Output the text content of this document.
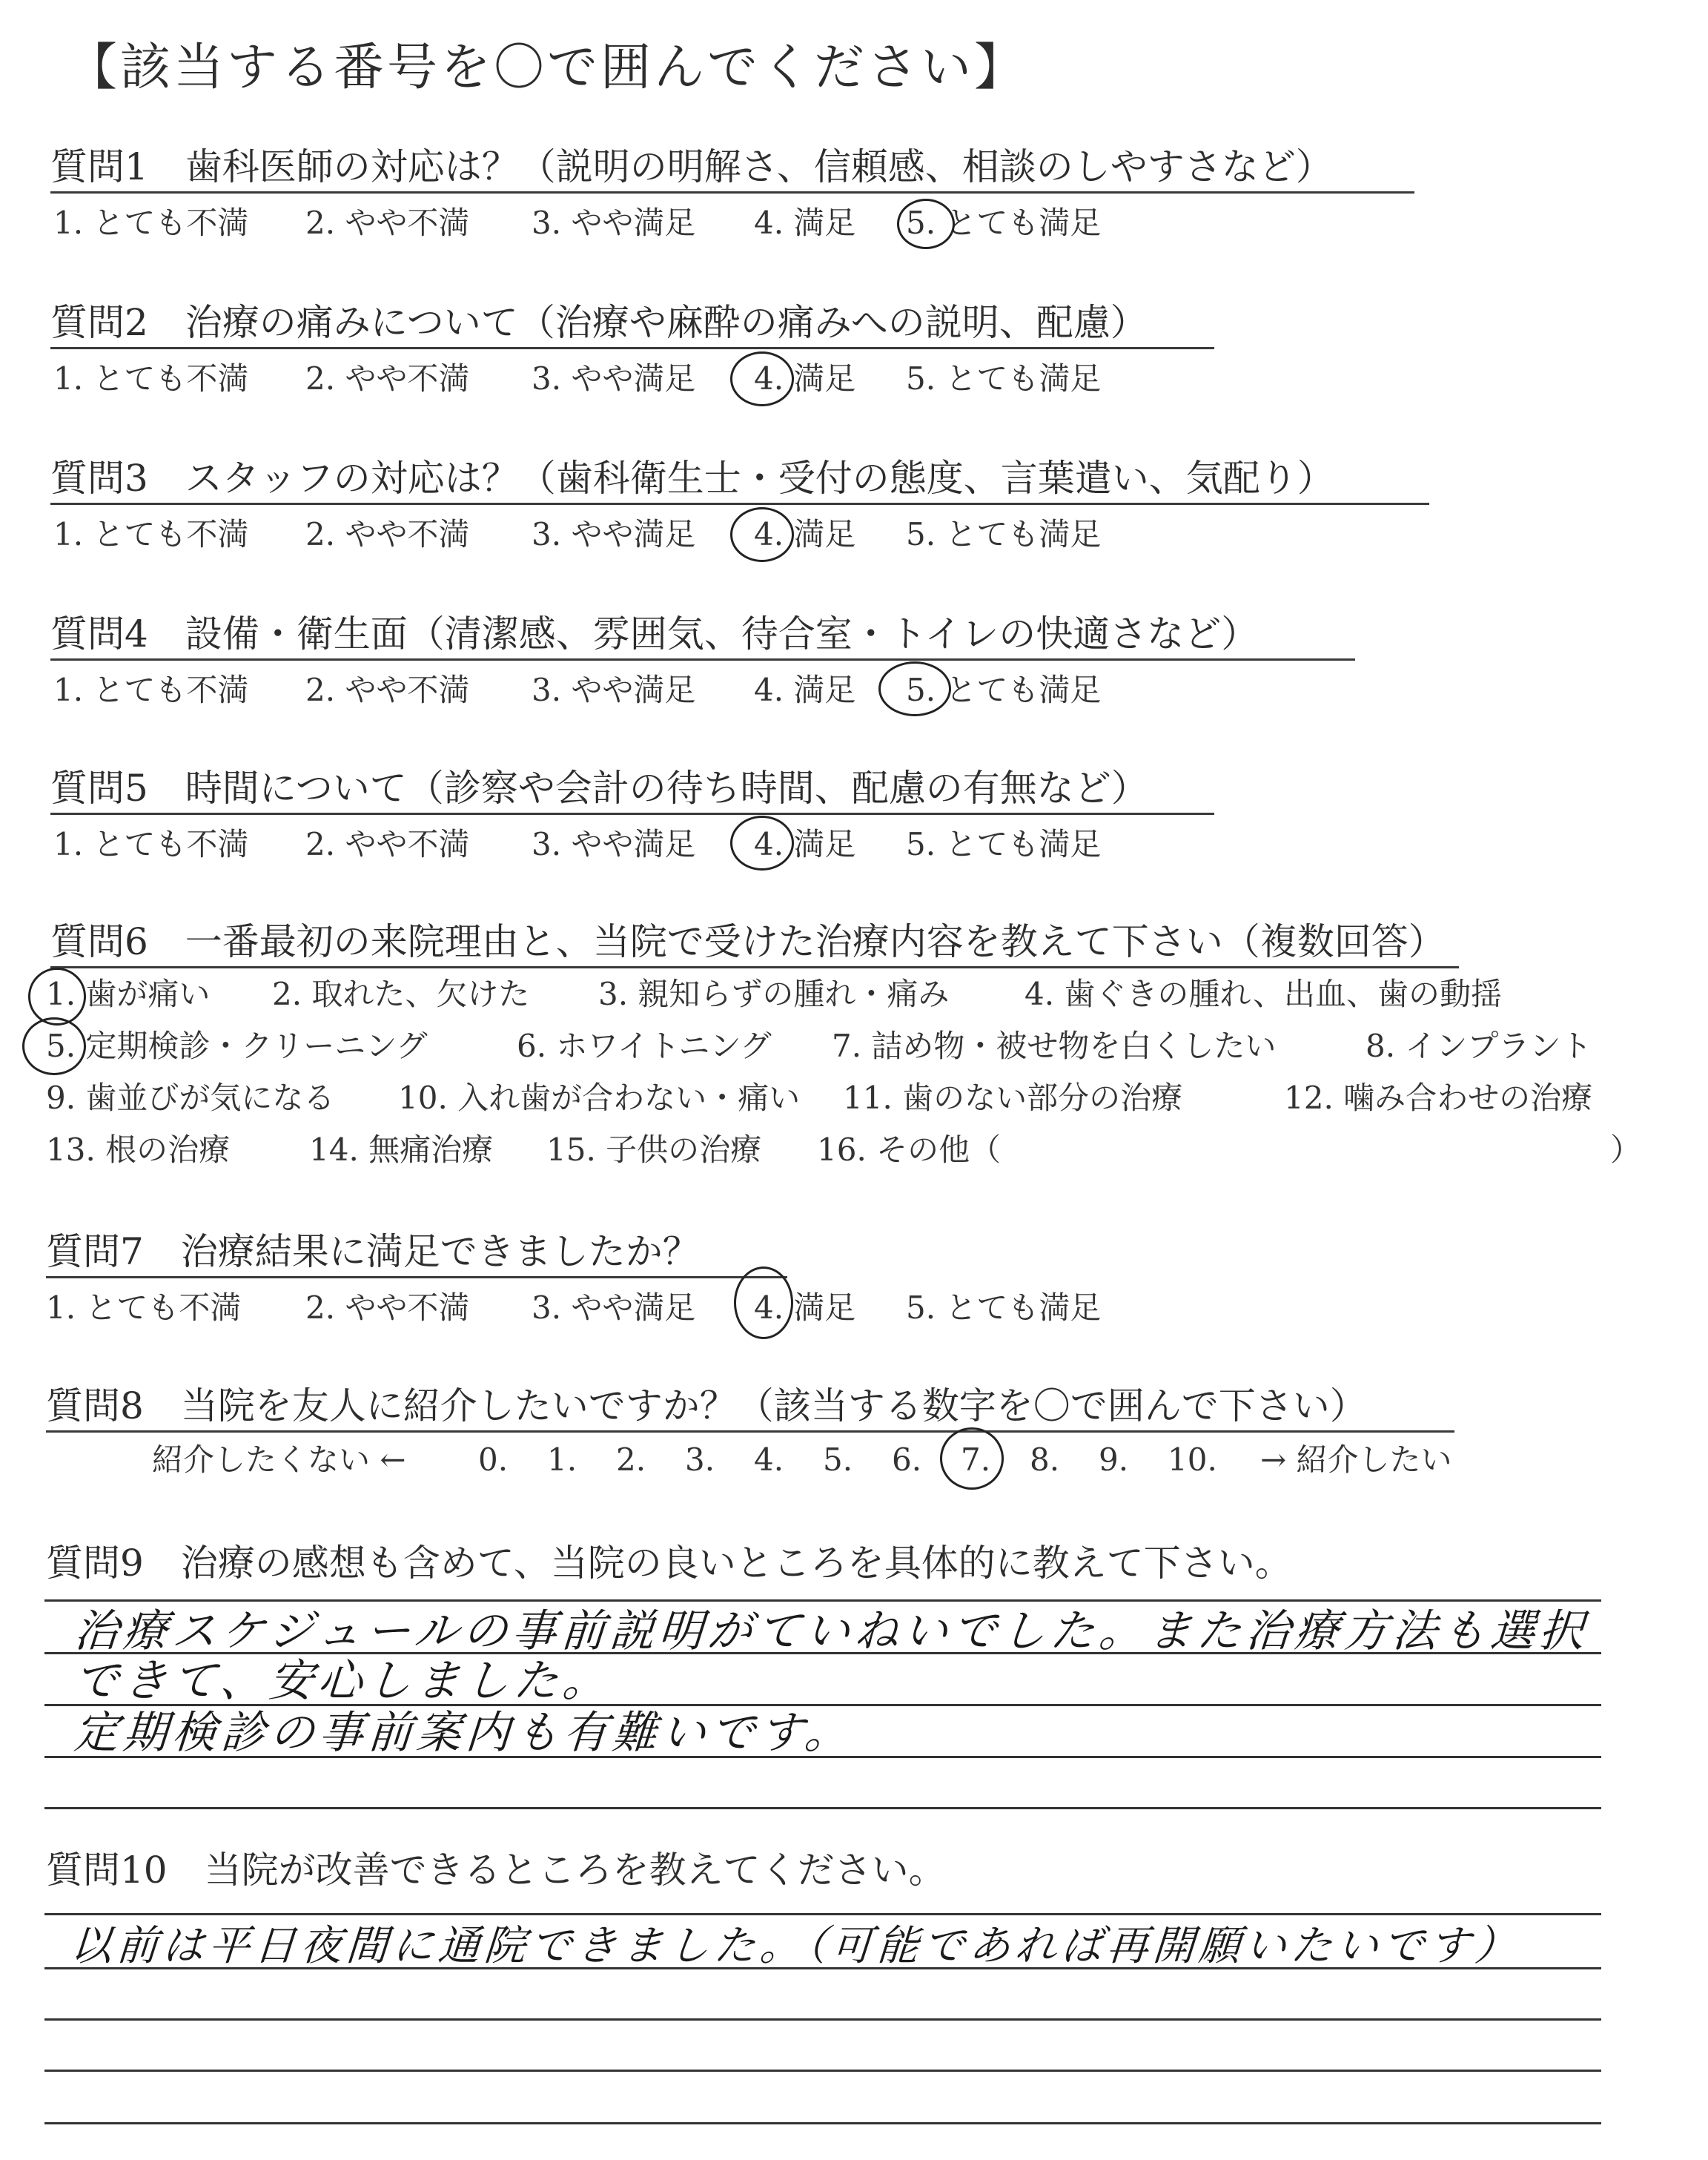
【該当する番号を〇で囲んでください】
質問1　歯科医師の対応は？（説明の明解さ、信頼感、相談のしやすさなど）
1. とても不満 2. やや不満 3. やや満足 4. 満足 5. とても満足
質問2　治療の痛みについて（治療や麻酔の痛みへの説明、配慮）
1. とても不満 2. やや不満 3. やや満足 4. 満足 5. とても満足
質問3　スタッフの対応は？（歯科衛生士・受付の態度、言葉遣い、気配り）
1. とても不満 2. やや不満 3. やや満足 4. 満足 5. とても満足
質問4　設備・衛生面（清潔感、雰囲気、待合室・トイレの快適さなど）
1. とても不満 2. やや不満 3. やや満足 4. 満足 5. とても満足
質問5　時間について（診察や会計の待ち時間、配慮の有無など）
1. とても不満 2. やや不満 3. やや満足 4. 満足 5. とても満足
質問6　一番最初の来院理由と、当院で受けた治療内容を教えて下さい（複数回答）
1. 歯が痛い 2. 取れた、欠けた 3. 親知らずの腫れ・痛み 4. 歯ぐきの腫れ、出血、歯の動揺
5. 定期検診・クリーニング	6. ホワイトニング 7. 詰め物・被せ物を白くしたい	8. インプラント
9. 歯並びが気になる 10. 入れ歯が合わない・痛い 11. 歯のない部分の治療	12. 噛み合わせの治療
13. 根の治療	14. 無痛治療 15. 子供の治療 16. その他（	）
質問7　治療結果に満足できましたか？
1. とても不満 2. やや不満 3. やや満足 4. 満足 5. とても満足
質問8　当院を友人に紹介したいですか？（該当する数字を〇で囲んで下さい）
紹介したくない ← 0. 1. 2. 3. 4. 5. 6. 7. 8. 9. 10. → 紹介したい
質問9　治療の感想も含めて、当院の良いところを具体的に教えて下さい。
治療スケジュールの事前説明がていねいでした。また治療方法も選択
できて、安心しました。
定期検診の事前案内も有難いです。
質問10　当院が改善できるところを教えてください。
以前は平日夜間に通院できました。（可能であれば再開願いたいです）
